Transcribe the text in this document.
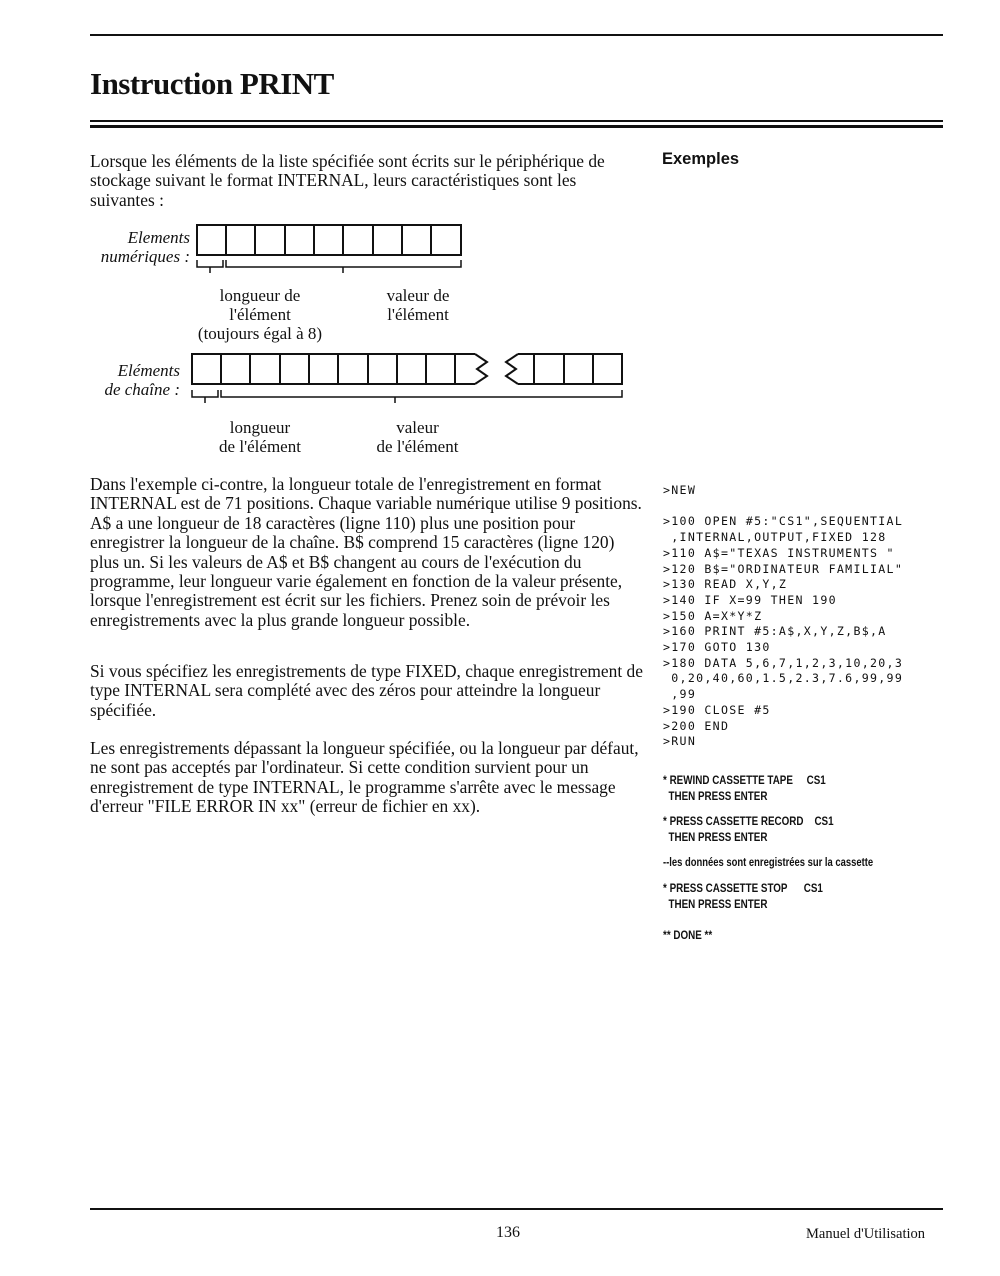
Instruction PRINT
Exemples

Lorsque les éléments de la liste spécifiée sont écrits sur le périphérique de stockage suivant le format INTERNAL, leurs caractéristiques sont les suivantes :

Elements
numériques :
longueur de
l'élément
(toujours égal à 8)
valeur de
l'élément
Eléments
de chaîne :
longueur
de l'élément
valeur
de l'élément

Dans l'exemple ci-contre, la longueur totale de l'enregistrement en format INTERNAL est de 71 positions. Chaque variable numérique utilise 9 positions. A$ a une longueur de 18 caractères (ligne 110) plus une position pour enregistrer la longueur de la chaîne. B$ comprend 15 caractères (ligne 120) plus un. Si les valeurs de A$ et B$ changent au cours de l'exécution du programme, leur longueur varie également en fonction de la valeur présente, lorsque l'enregistrement est écrit sur les fichiers. Prenez soin de prévoir les enregistrements avec la plus grande longueur possible.

Si vous spécifiez les enregistrements de type FIXED, chaque enregistrement de type INTERNAL sera complété avec des zéros pour atteindre la longueur spécifiée.

Les enregistrements dépassant la longueur spécifiée, ou la longueur par défaut, ne sont pas acceptés par l'ordinateur. Si cette condition survient pour un enregistrement de type INTERNAL, le programme s'arrête avec le message d'erreur "FILE ERROR IN xx" (erreur de fichier en xx).

>NEW

>100 OPEN #5:"CS1",SEQUENTIAL
,INTERNAL,OUTPUT,FIXED 128
>110 A$="TEXAS INSTRUMENTS "
>120 B$="ORDINATEUR FAMILIAL"
>130 READ X,Y,Z
>140 IF X=99 THEN 190
>150 A=X*Y*Z
>160 PRINT #5:A$,X,Y,Z,B$,A
>170 GOTO 130
>180 DATA 5,6,7,1,2,3,10,20,3
0,20,40,60,1.5,2.3,7.6,99,99
,99
>190 CLOSE #5
>200 END
>RUN
* REWIND CASSETTE TAPE     CS1
THEN PRESS ENTER
* PRESS CASSETTE RECORD    CS1
THEN PRESS ENTER
--les données sont enregistrées sur la cassette
* PRESS CASSETTE STOP      CS1
THEN PRESS ENTER
** DONE **
136	Manuel d'Utilisation
